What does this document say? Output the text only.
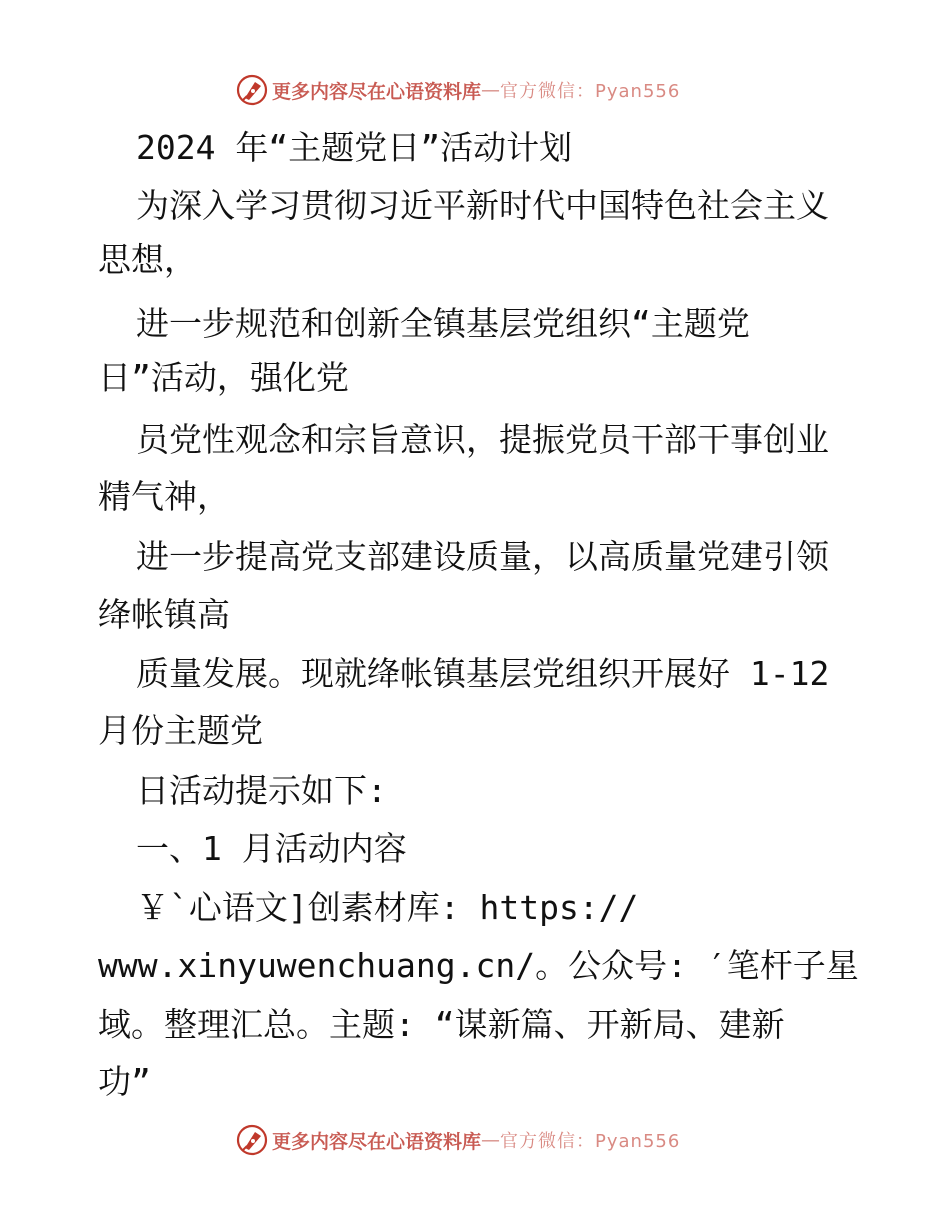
更多内容尽在心语资料库 — 官方微信：Pyan556
2024 年“主题党日”活动计划
为深入学习贯彻习近平新时代中国特色社会主义
思想，
进一步规范和创新全镇基层党组织“主题党
日”活动，强化党
员党性观念和宗旨意识，提振党员干部干事创业
精气神，
进一步提高党支部建设质量，以高质量党建引领
绛帐镇高
质量发展。现就绛帐镇基层党组织开展好 1-12
月份主题党
日活动提示如下:
一、1 月活动内容
￥`心语文]创素材库: https://
www.xinyuwenchuang.cn/。公众号: ′笔杆子星
域。整理汇总。主题: “谋新篇、开新局、建新
功”
更多内容尽在心语资料库 — 官方微信：Pyan556
